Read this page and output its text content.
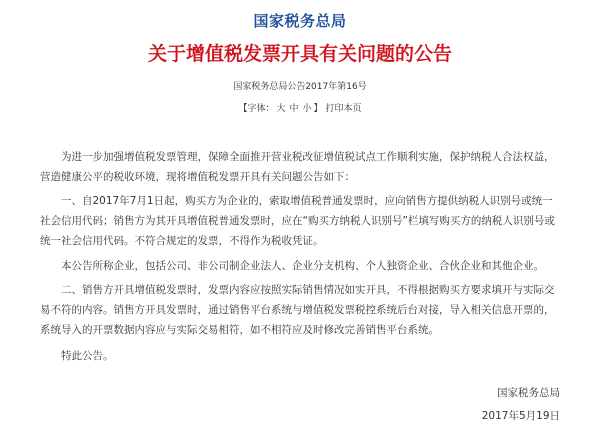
国家税务总局
关于增值税发票开具有关问题的公告
国家税务总局公告2017年第16号
【字体： 大 中 小 】 打印本页

为进一步加强增值税发票管理，保障全面推开营业税改征增值税试点工作顺利实施，保护纳税人合法权益，营造健康公平的税收环境，现将增值税发票开具有关问题公告如下：

一、自2017年7月1日起，购买方为企业的，索取增值税普通发票时，应向销售方提供纳税人识别号或统一社会信用代码；销售方为其开具增值税普通发票时，应在“购买方纳税人识别号”栏填写购买方的纳税人识别号或统一社会信用代码。不符合规定的发票，不得作为税收凭证。

本公告所称企业，包括公司、非公司制企业法人、企业分支机构、个人独资企业、合伙企业和其他企业。

二、销售方开具增值税发票时，发票内容应按照实际销售情况如实开具，不得根据购买方要求填开与实际交易不符的内容。销售方开具发票时，通过销售平台系统与增值税发票税控系统后台对接，导入相关信息开票的，系统导入的开票数据内容应与实际交易相符，如不相符应及时修改完善销售平台系统。

特此公告。

国家税务总局
2017年5月19日
